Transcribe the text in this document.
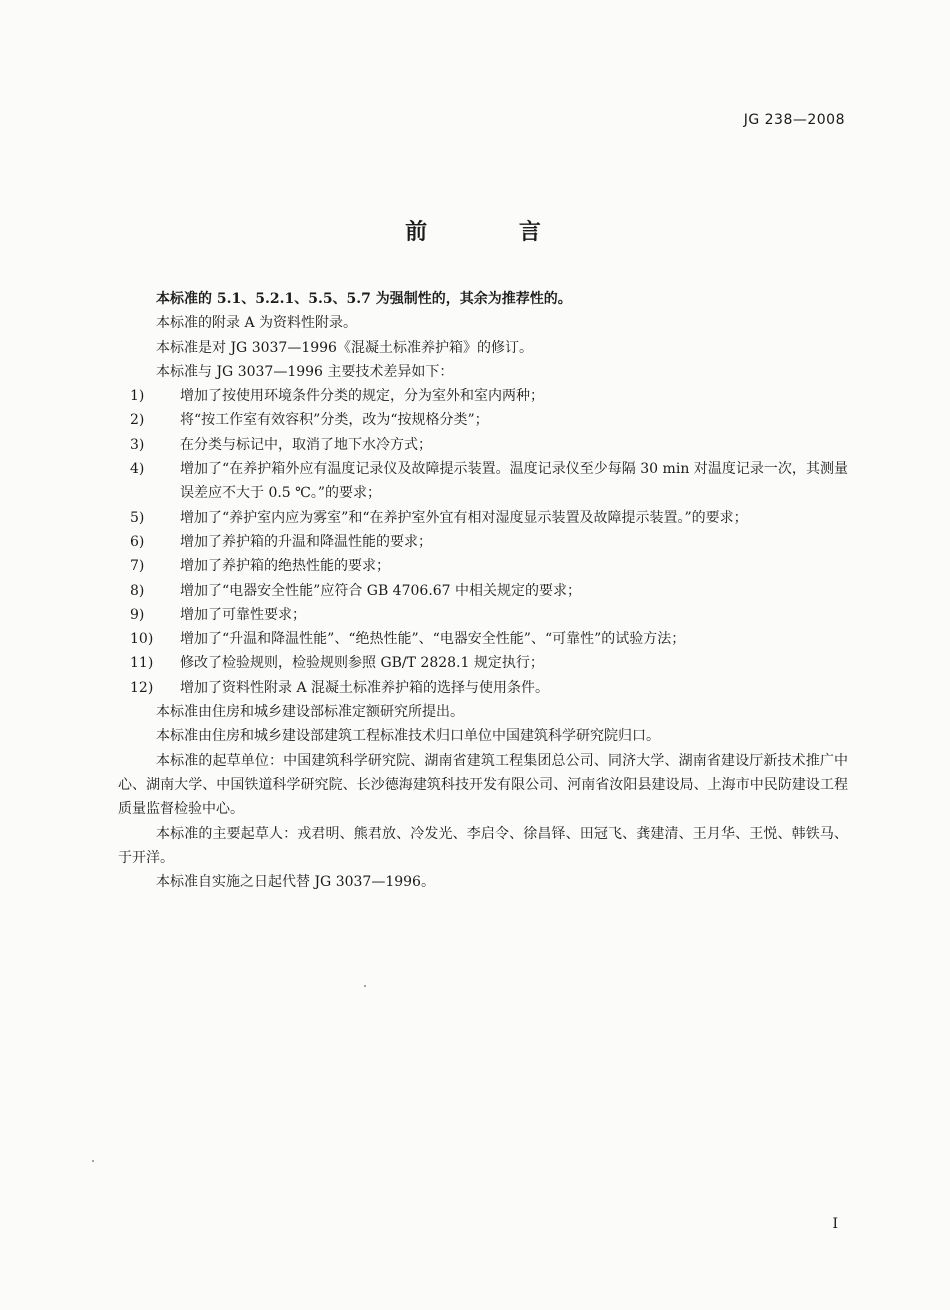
JG 238—2008
前 言

本标准的 5.1、5.2.1、5.5、5.7 为强制性的，其余为推荐性的。

本标准的附录 A 为资料性附录。

本标准是对 JG 3037—1996《混凝土标准养护箱》的修订。

本标准与 JG 3037—1996 主要技术差异如下：

1)	增加了按使用环境条件分类的规定，分为室外和室内两种；
2)	将“按工作室有效容积”分类，改为“按规格分类”；
3)	在分类与标记中，取消了地下水冷方式；
4)	增加了“在养护箱外应有温度记录仪及故障提示装置。温度记录仪至少每隔 30 min 对温度记录一次，其测量误差应不大于 0.5 ℃。”的要求；
5)	增加了“养护室内应为雾室”和“在养护室外宜有相对湿度显示装置及故障提示装置。”的要求；
6)	增加了养护箱的升温和降温性能的要求；
7)	增加了养护箱的绝热性能的要求；
8)	增加了“电器安全性能”应符合 GB 4706.67 中相关规定的要求；
9)	增加了可靠性要求；
10)	增加了“升温和降温性能”、“绝热性能”、“电器安全性能”、“可靠性”的试验方法；
11)	修改了检验规则，检验规则参照 GB/T 2828.1 规定执行；
12)	增加了资料性附录 A 混凝土标准养护箱的选择与使用条件。

本标准由住房和城乡建设部标准定额研究所提出。

本标准由住房和城乡建设部建筑工程标准技术归口单位中国建筑科学研究院归口。

本标准的起草单位：中国建筑科学研究院、湖南省建筑工程集团总公司、同济大学、湖南省建设厅新技术推广中心、湖南大学、中国铁道科学研究院、长沙德海建筑科技开发有限公司、河南省汝阳县建设局、上海市中民防建设工程质量监督检验中心。

本标准的主要起草人：戎君明、熊君放、冷发光、李启令、徐昌铎、田冠飞、龚建清、王月华、王悦、韩铁马、于开洋。

本标准自实施之日起代替 JG 3037—1996。

I
